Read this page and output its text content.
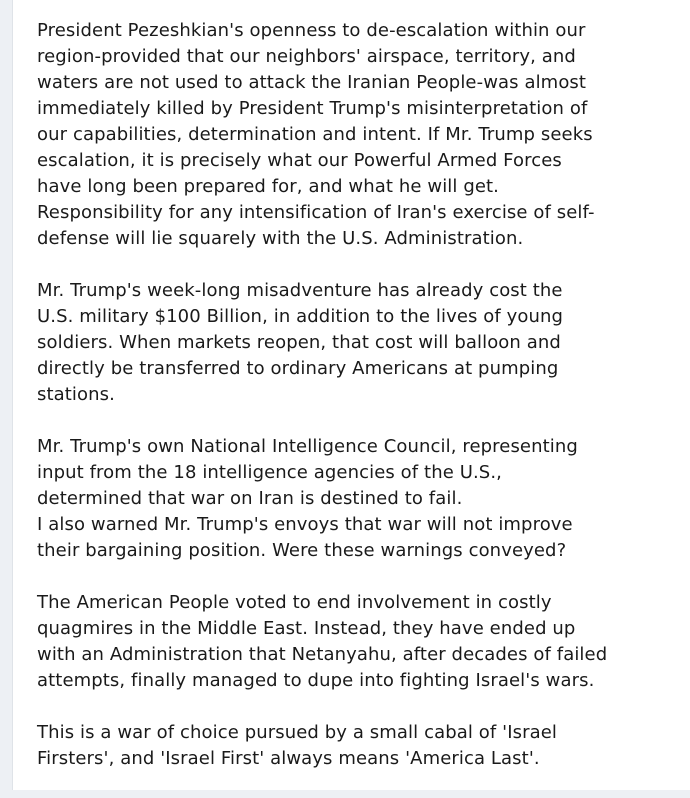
President Pezeshkian's openness to de-escalation within our
region-provided that our neighbors' airspace, territory, and
waters are not used to attack the Iranian People-was almost
immediately killed by President Trump's misinterpretation of
our capabilities, determination and intent. If Mr. Trump seeks
escalation, it is precisely what our Powerful Armed Forces
have long been prepared for, and what he will get.
Responsibility for any intensification of Iran's exercise of self-
defense will lie squarely with the U.S. Administration.

Mr. Trump's week-long misadventure has already cost the
U.S. military $100 Billion, in addition to the lives of young
soldiers. When markets reopen, that cost will balloon and
directly be transferred to ordinary Americans at pumping
stations.

Mr. Trump's own National Intelligence Council, representing
input from the 18 intelligence agencies of the U.S.,
determined that war on Iran is destined to fail.
I also warned Mr. Trump's envoys that war will not improve
their bargaining position. Were these warnings conveyed?

The American People voted to end involvement in costly
quagmires in the Middle East. Instead, they have ended up
with an Administration that Netanyahu, after decades of failed
attempts, finally managed to dupe into fighting Israel's wars.

This is a war of choice pursued by a small cabal of 'Israel
Firsters', and 'Israel First' always means 'America Last'.
